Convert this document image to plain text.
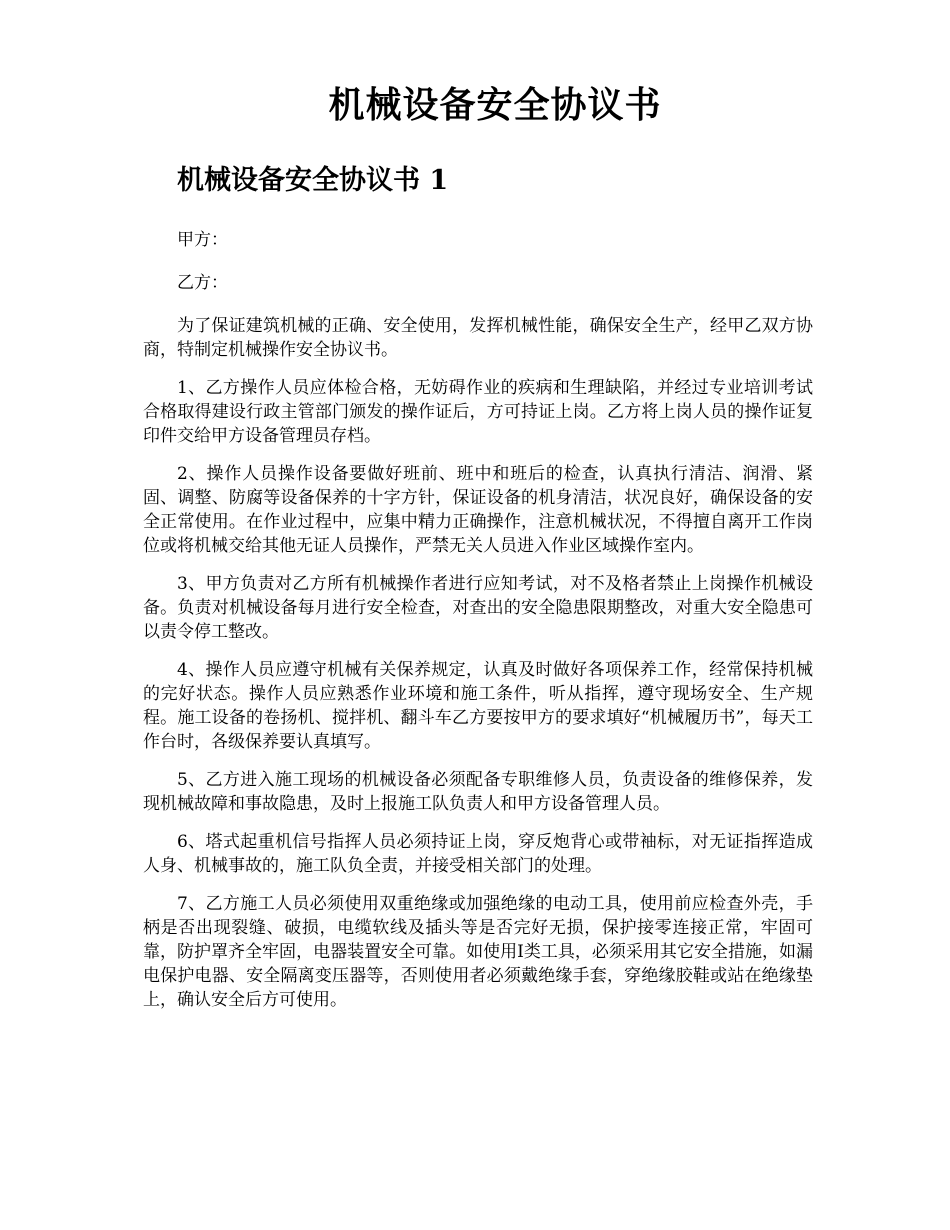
机械设备安全协议书
机械设备安全协议书 1

甲方：

乙方：

为了保证建筑机械的正确、安全使用，发挥机械性能，确保安全生产，经甲乙双方协商，特制定机械操作安全协议书。

1、乙方操作人员应体检合格，无妨碍作业的疾病和生理缺陷，并经过专业培训考试合格取得建设行政主管部门颁发的操作证后，方可持证上岗。乙方将上岗人员的操作证复印件交给甲方设备管理员存档。

2、操作人员操作设备要做好班前、班中和班后的检查，认真执行清洁、润滑、紧固、调整、防腐等设备保养的十字方针，保证设备的机身清洁，状况良好，确保设备的安全正常使用。在作业过程中，应集中精力正确操作，注意机械状况，不得擅自离开工作岗位或将机械交给其他无证人员操作，严禁无关人员进入作业区域操作室内。

3、甲方负责对乙方所有机械操作者进行应知考试，对不及格者禁止上岗操作机械设备。负责对机械设备每月进行安全检查，对查出的安全隐患限期整改，对重大安全隐患可以责令停工整改。

4、操作人员应遵守机械有关保养规定，认真及时做好各项保养工作，经常保持机械的完好状态。操作人员应熟悉作业环境和施工条件，听从指挥，遵守现场安全、生产规程。施工设备的卷扬机、搅拌机、翻斗车乙方要按甲方的要求填好“机械履历书”，每天工作台时，各级保养要认真填写。

5、乙方进入施工现场的机械设备必须配备专职维修人员，负责设备的维修保养，发现机械故障和事故隐患，及时上报施工队负责人和甲方设备管理人员。

6、塔式起重机信号指挥人员必须持证上岗，穿反炮背心或带袖标，对无证指挥造成人身、机械事故的，施工队负全责，并接受相关部门的处理。

7、乙方施工人员必须使用双重绝缘或加强绝缘的电动工具，使用前应检查外壳，手柄是否出现裂缝、破损，电缆软线及插头等是否完好无损，保护接零连接正常，牢固可靠，防护罩齐全牢固，电器装置安全可靠。如使用Ⅰ类工具，必须采用其它安全措施，如漏电保护电器、安全隔离变压器等，否则使用者必须戴绝缘手套，穿绝缘胶鞋或站在绝缘垫上，确认安全后方可使用。
